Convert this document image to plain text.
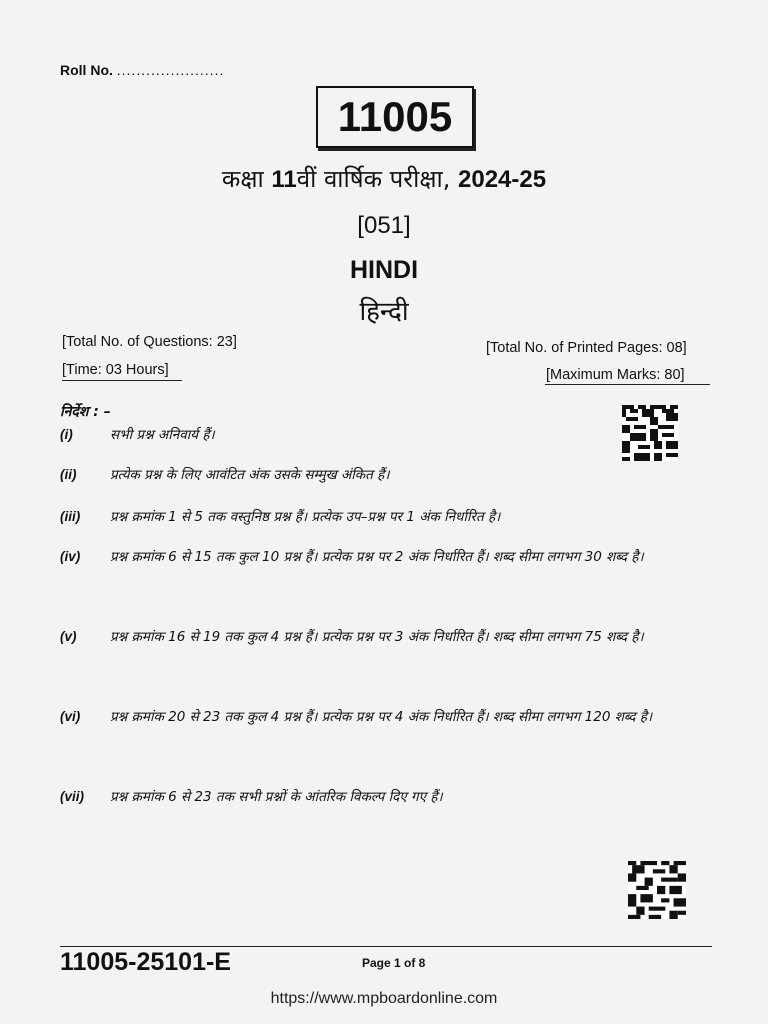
Roll No. ......................
11005
कक्षा 11वीं वार्षिक परीक्षा, 2024-25
[051]
HINDI
हिन्दी
[Total No. of Questions: 23]	[Total No. of Printed Pages: 08]
[Time: 03 Hours]	[Maximum Marks: 80]
निर्देश : –
(i)	सभी प्रश्न अनिवार्य हैं।
(ii) प्रत्येक प्रश्न के लिए आवंटित अंक उसके सम्मुख अंकित हैं।
(iii) प्रश्न क्रमांक 1 से 5 तक वस्तुनिष्ठ प्रश्न हैं। प्रत्येक उप–प्रश्न पर 1 अंक निर्धारित है।
(iv) प्रश्न क्रमांक 6 से 15 तक कुल 10 प्रश्न हैं। प्रत्येक प्रश्न पर 2 अंक निर्धारित हैं। शब्द सीमा लगभग 30 शब्द है।
(v) प्रश्न क्रमांक 16 से 19 तक कुल 4 प्रश्न हैं। प्रत्येक प्रश्न पर 3 अंक निर्धारित हैं। शब्द सीमा लगभग 75 शब्द है।
(vi) प्रश्न क्रमांक 20 से 23 तक कुल 4 प्रश्न हैं। प्रत्येक प्रश्न पर 4 अंक निर्धारित हैं। शब्द सीमा लगभग 120 शब्द है।
(vii) प्रश्न क्रमांक 6 से 23 तक सभी प्रश्नों के आंतरिक विकल्प दिए गए हैं।
11005-25101-E	Page 1 of 8
https://www.mpboardonline.com
